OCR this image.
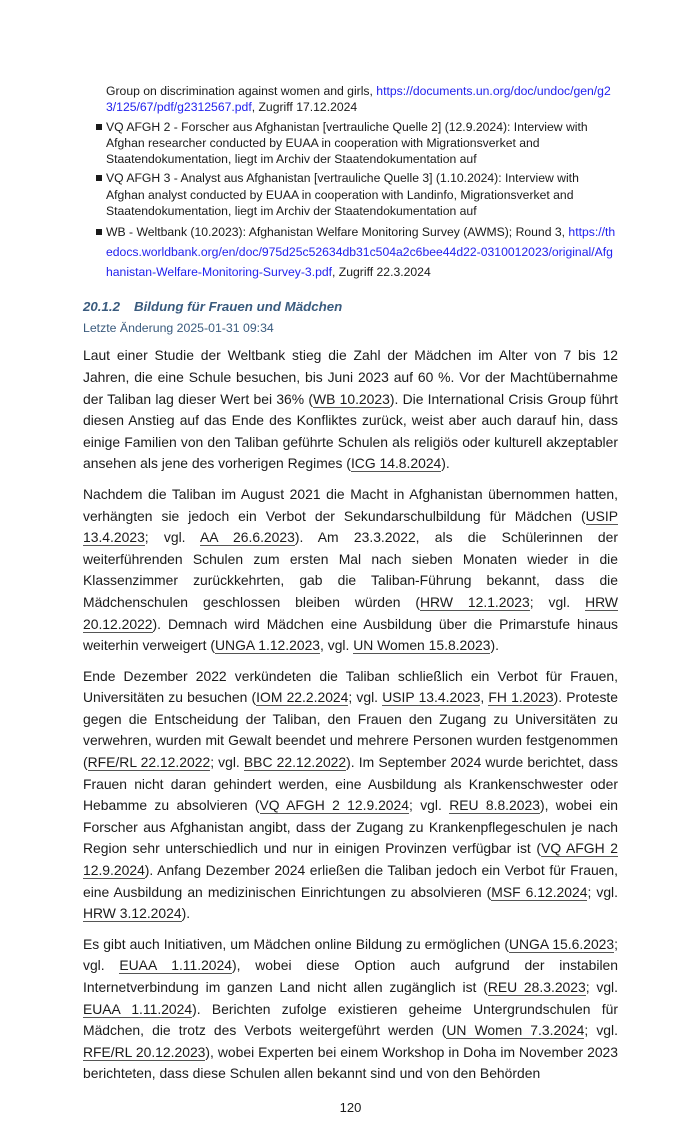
Group on discrimination against women and girls, https://documents.un.org/doc/undoc/gen/g23/125/67/pdf/g2312567.pdf, Zugriff 17.12.2024
VQ AFGH 2 - Forscher aus Afghanistan [vertrauliche Quelle 2] (12.9.2024): Interview with Afghan researcher conducted by EUAA in cooperation with Migrationsverket and Staatendokumentation, liegt im Archiv der Staatendokumentation auf
VQ AFGH 3 - Analyst aus Afghanistan [vertrauliche Quelle 3] (1.10.2024): Interview with Afghan analyst conducted by EUAA in cooperation with Landinfo, Migrationsverket and Staatendokumentation, liegt im Archiv der Staatendokumentation auf
WB - Weltbank (10.2023): Afghanistan Welfare Monitoring Survey (AWMS); Round 3, https://thedocs.worldbank.org/en/doc/975d25c52634db31c504a2c6bee44d22-0310012023/original/Afghanistan-Welfare-Monitoring-Survey-3.pdf, Zugriff 22.3.2024
20.1.2 Bildung für Frauen und Mädchen
Letzte Änderung 2025-01-31 09:34

Laut einer Studie der Weltbank stieg die Zahl der Mädchen im Alter von 7 bis 12 Jahren, die eine Schule besuchen, bis Juni 2023 auf 60 %. Vor der Machtübernahme der Taliban lag dieser Wert bei 36% (WB 10.2023). Die International Crisis Group führt diesen Anstieg auf das Ende des Konfliktes zurück, weist aber auch darauf hin, dass einige Familien von den Taliban geführte Schulen als religiös oder kulturell akzeptabler ansehen als jene des vorherigen Regimes (ICG 14.8.2024).

Nachdem die Taliban im August 2021 die Macht in Afghanistan übernommen hatten, verhängten sie jedoch ein Verbot der Sekundarschulbildung für Mädchen (USIP 13.4.2023; vgl. AA 26.6.2023). Am 23.3.2022, als die Schülerinnen der weiterführenden Schulen zum ersten Mal nach sieben Monaten wieder in die Klassenzimmer zurückkehrten, gab die Taliban-Führung bekannt, dass die Mädchenschulen geschlossen bleiben würden (HRW 12.1.2023; vgl. HRW 20.12.2022). Demnach wird Mädchen eine Ausbildung über die Primarstufe hinaus weiterhin verweigert (UNGA 1.12.2023, vgl. UN Women 15.8.2023).

Ende Dezember 2022 verkündeten die Taliban schließlich ein Verbot für Frauen, Universitäten zu besuchen (IOM 22.2.2024; vgl. USIP 13.4.2023, FH 1.2023). Proteste gegen die Entscheidung der Taliban, den Frauen den Zugang zu Universitäten zu verwehren, wurden mit Gewalt beendet und mehrere Personen wurden festgenommen (RFE/RL 22.12.2022; vgl. BBC 22.12.2022). Im September 2024 wurde berichtet, dass Frauen nicht daran gehindert werden, eine Ausbildung als Krankenschwester oder Hebamme zu absolvieren (VQ AFGH 2 12.9.2024; vgl. REU 8.8.2023), wobei ein Forscher aus Afghanistan angibt, dass der Zugang zu Krankenpflegeschulen je nach Region sehr unterschiedlich und nur in einigen Provinzen verfügbar ist (VQ AFGH 2 12.9.2024). Anfang Dezember 2024 erließen die Taliban jedoch ein Verbot für Frauen, eine Ausbildung an medizinischen Einrichtungen zu absolvieren (MSF 6.12.2024; vgl. HRW 3.12.2024).

Es gibt auch Initiativen, um Mädchen online Bildung zu ermöglichen (UNGA 15.6.2023; vgl. EUAA 1.11.2024), wobei diese Option auch aufgrund der instabilen Internetverbindung im ganzen Land nicht allen zugänglich ist (REU 28.3.2023; vgl. EUAA 1.11.2024). Berichten zufolge existieren geheime Untergrundschulen für Mädchen, die trotz des Verbots weitergeführt werden (UN Women 7.3.2024; vgl. RFE/RL 20.12.2023), wobei Experten bei einem Workshop in Doha im November 2023 berichteten, dass diese Schulen allen bekannt sind und von den Behörden

120
